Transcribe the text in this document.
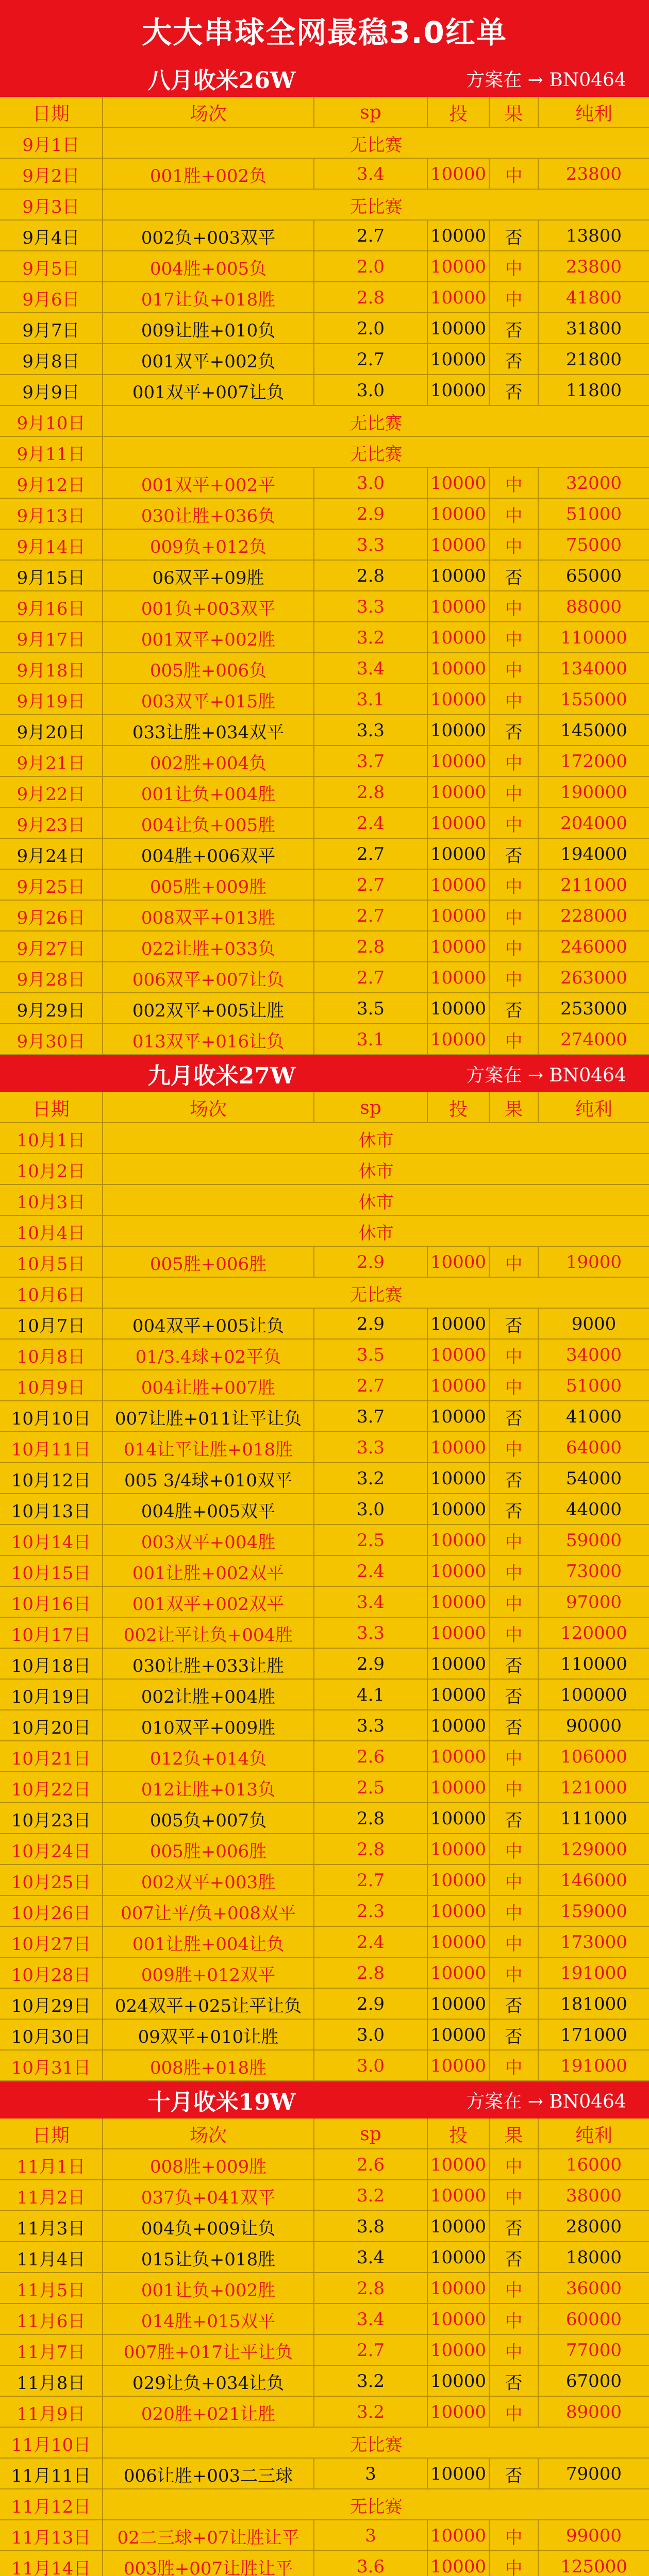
大大串球全网最稳3.0红单
八月收米26W	方案在 → BN0464
日期	场次	sp	投	果	纯利
9月1日	无比赛
9月2日	001胜+002负	3.4	10000	中	23800
9月3日	无比赛
9月4日	002负+003双平	2.7	10000	否	13800
9月5日	004胜+005负	2.0	10000	中	23800
9月6日	017让负+018胜	2.8	10000	中	41800
9月7日	009让胜+010负	2.0	10000	否	31800
9月8日	001双平+002负	2.7	10000	否	21800
9月9日	001双平+007让负	3.0	10000	否	11800
9月10日	无比赛
9月11日	无比赛
9月12日	001双平+002平	3.0	10000	中	32000
9月13日	030让胜+036负	2.9	10000	中	51000
9月14日	009负+012负	3.3	10000	中	75000
9月15日	06双平+09胜	2.8	10000	否	65000
9月16日	001负+003双平	3.3	10000	中	88000
9月17日	001双平+002胜	3.2	10000	中	110000
9月18日	005胜+006负	3.4	10000	中	134000
9月19日	003双平+015胜	3.1	10000	中	155000
9月20日	033让胜+034双平	3.3	10000	否	145000
9月21日	002胜+004负	3.7	10000	中	172000
9月22日	001让负+004胜	2.8	10000	中	190000
9月23日	004让负+005胜	2.4	10000	中	204000
9月24日	004胜+006双平	2.7	10000	否	194000
9月25日	005胜+009胜	2.7	10000	中	211000
9月26日	008双平+013胜	2.7	10000	中	228000
9月27日	022让胜+033负	2.8	10000	中	246000
9月28日	006双平+007让负	2.7	10000	中	263000
9月29日	002双平+005让胜	3.5	10000	否	253000
9月30日	013双平+016让负	3.1	10000	中	274000
九月收米27W	方案在 → BN0464
日期	场次	sp	投	果	纯利
10月1日	休市
10月2日	休市
10月3日	休市
10月4日	休市
10月5日	005胜+006胜	2.9	10000	中	19000
10月6日	无比赛
10月7日	004双平+005让负	2.9	10000	否	9000
10月8日	01/3.4球+02平负	3.5	10000	中	34000
10月9日	004让胜+007胜	2.7	10000	中	51000
10月10日	007让胜+011让平让负	3.7	10000	否	41000
10月11日	014让平让胜+018胜	3.3	10000	中	64000
10月12日	005 3/4球+010双平	3.2	10000	否	54000
10月13日	004胜+005双平	3.0	10000	否	44000
10月14日	003双平+004胜	2.5	10000	中	59000
10月15日	001让胜+002双平	2.4	10000	中	73000
10月16日	001双平+002双平	3.4	10000	中	97000
10月17日	002让平让负+004胜	3.3	10000	中	120000
10月18日	030让胜+033让胜	2.9	10000	否	110000
10月19日	002让胜+004胜	4.1	10000	否	100000
10月20日	010双平+009胜	3.3	10000	否	90000
10月21日	012负+014负	2.6	10000	中	106000
10月22日	012让胜+013负	2.5	10000	中	121000
10月23日	005负+007负	2.8	10000	否	111000
10月24日	005胜+006胜	2.8	10000	中	129000
10月25日	002双平+003胜	2.7	10000	中	146000
10月26日	007让平/负+008双平	2.3	10000	中	159000
10月27日	001让胜+004让负	2.4	10000	中	173000
10月28日	009胜+012双平	2.8	10000	中	191000
10月29日	024双平+025让平让负	2.9	10000	否	181000
10月30日	09双平+010让胜	3.0	10000	否	171000
10月31日	008胜+018胜	3.0	10000	中	191000
十月收米19W	方案在 → BN0464
日期	场次	sp	投	果	纯利
11月1日	008胜+009胜	2.6	10000	中	16000
11月2日	037负+041双平	3.2	10000	中	38000
11月3日	004负+009让负	3.8	10000	否	28000
11月4日	015让负+018胜	3.4	10000	否	18000
11月5日	001让负+002胜	2.8	10000	中	36000
11月6日	014胜+015双平	3.4	10000	中	60000
11月7日	007胜+017让平让负	2.7	10000	中	77000
11月8日	029让负+034让负	3.2	10000	否	67000
11月9日	020胜+021让胜	3.2	10000	中	89000
11月10日	无比赛
11月11日	006让胜+003二三球	3	10000	否	79000
11月12日	无比赛
11月13日	02二三球+07让胜让平	3	10000	中	99000
11月14日	003胜+007让胜让平	3.6	10000	中	125000
